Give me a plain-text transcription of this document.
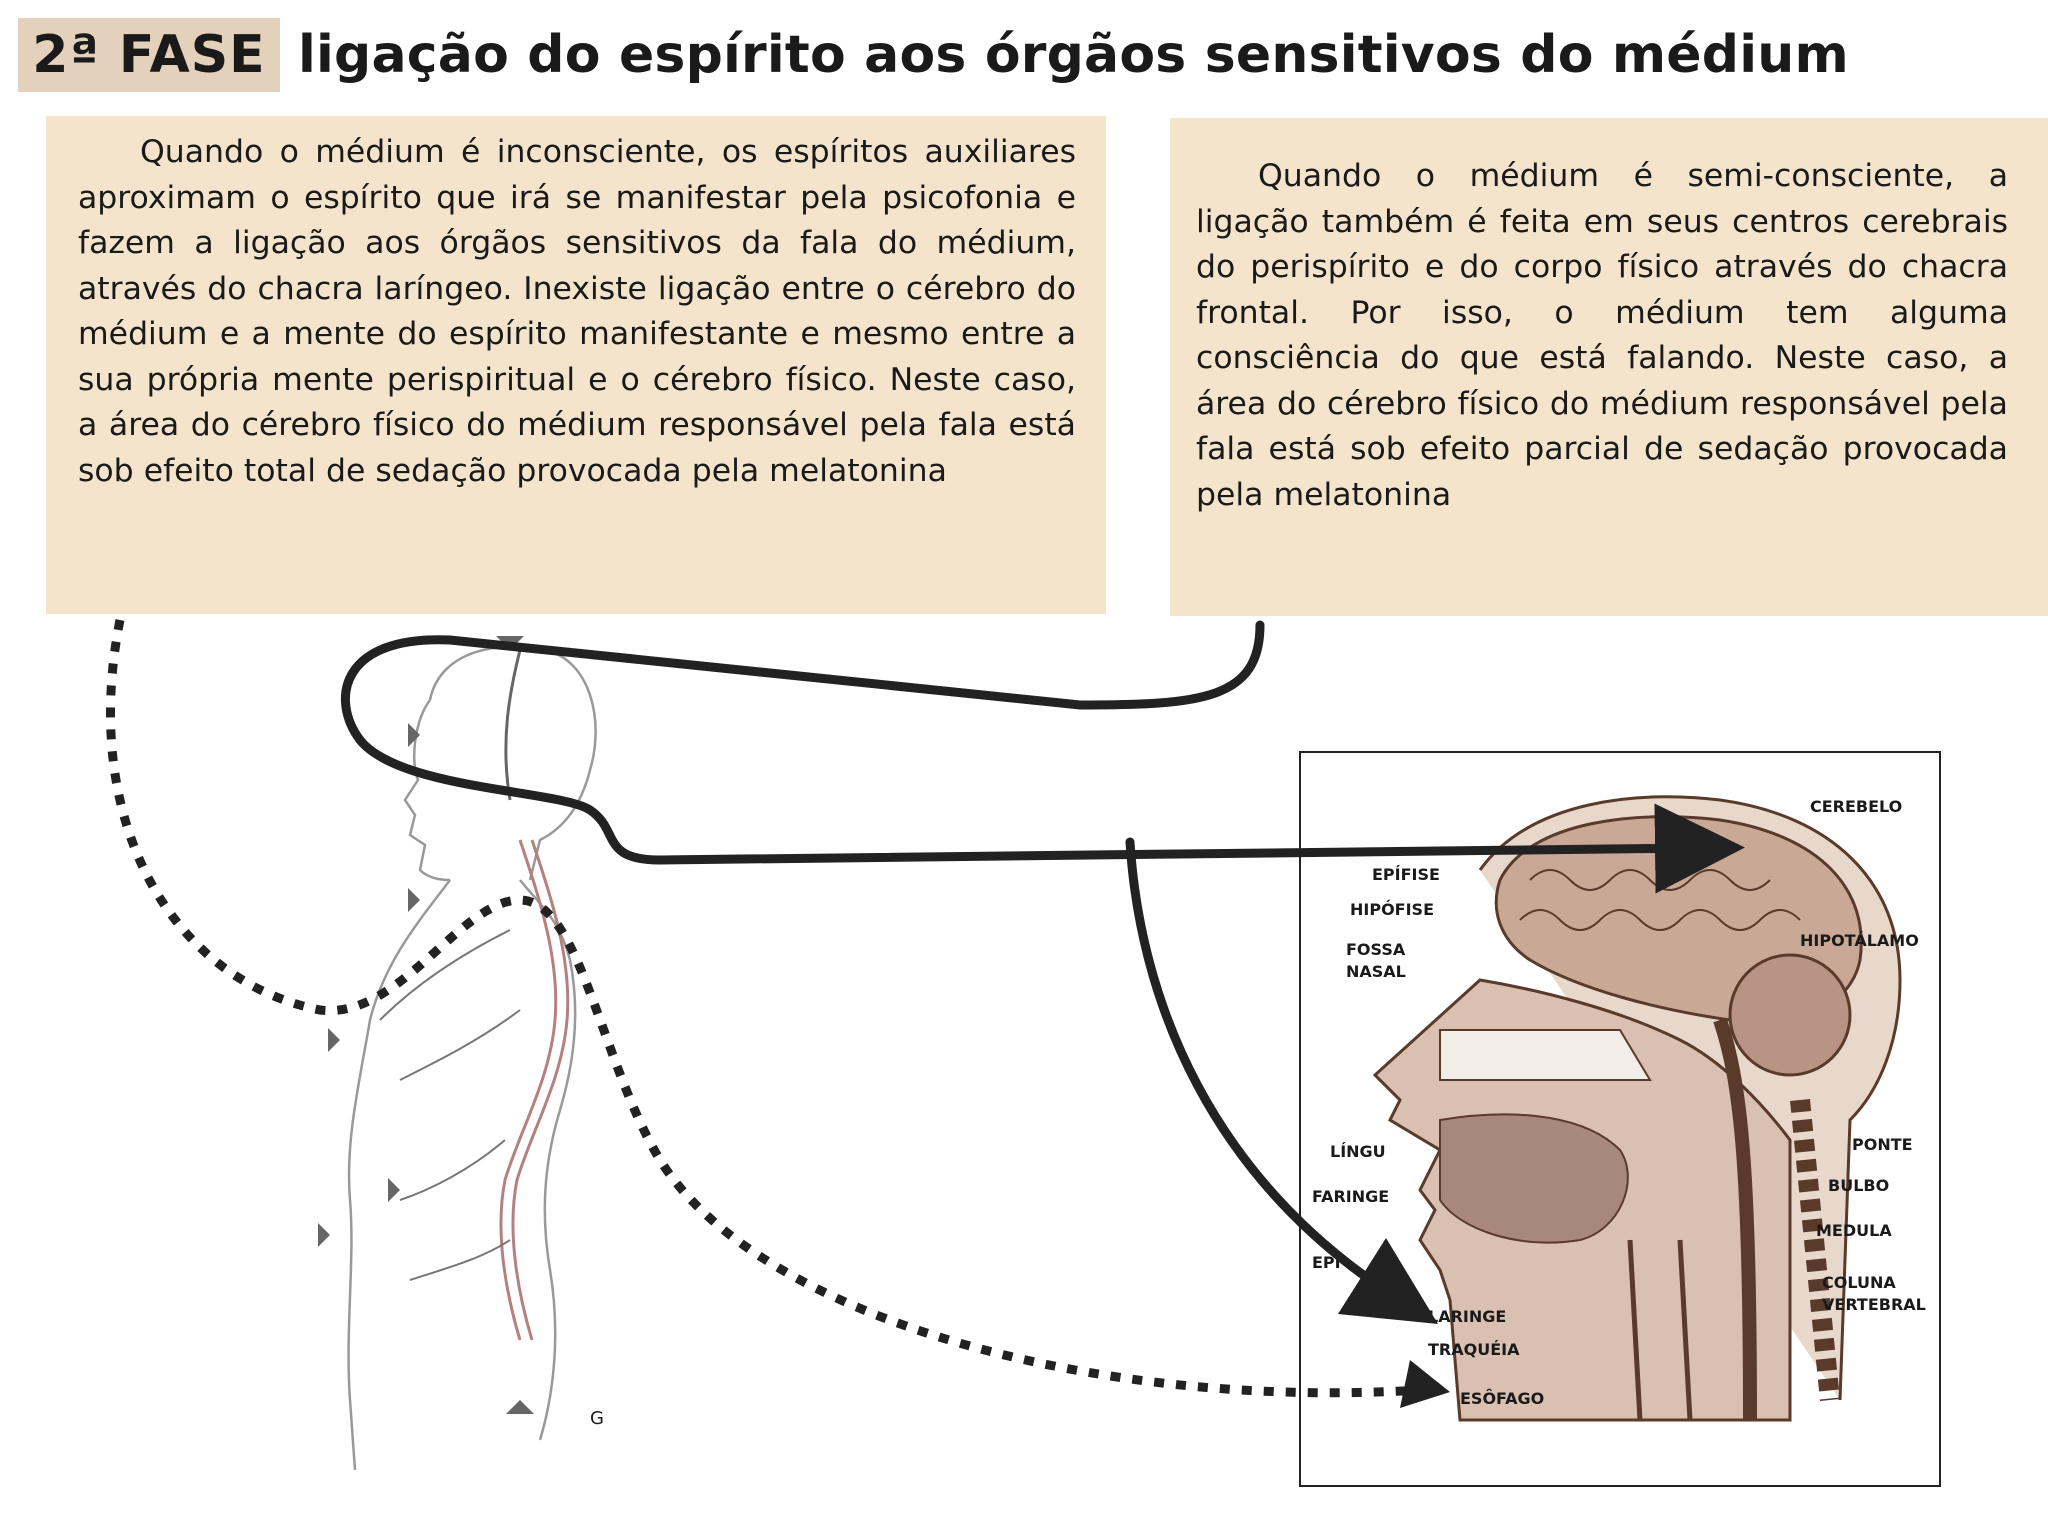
2ª FASE ligação do espírito aos órgãos sensitivos do médium
Quando o médium é inconsciente, os espíritos auxiliares aproximam o espírito que irá se manifestar pela psicofonia e fazem a ligação aos órgãos sensitivos da fala do médium, através do chacra laríngeo. Inexiste ligação entre o cérebro do médium e a mente do espírito manifestante e mesmo entre a sua própria mente perispiritual e o cérebro físico. Neste caso, a área do cérebro físico do médium responsável pela fala está sob efeito total de sedação provocada pela melatonina
Quando o médium é semi-consciente, a ligação também é feita em seus centros cerebrais do perispírito e do corpo físico através do chacra frontal. Por isso, o médium tem alguma consciência do que está falando. Neste caso, a área do cérebro físico do médium responsável pela fala está sob efeito parcial de sedação provocada pela melatonina
G
CEREBELO
EPÍFISE
HIPÓFISE
FOSSA
NASAL
HIPOTÁLAMO
PONTE
BULBO
MEDULA
COLUNA
VERTEBRAL
LÍNGU
FARINGE
EPI
LARINGE
TRAQUÉIA
ESÔFAGO
